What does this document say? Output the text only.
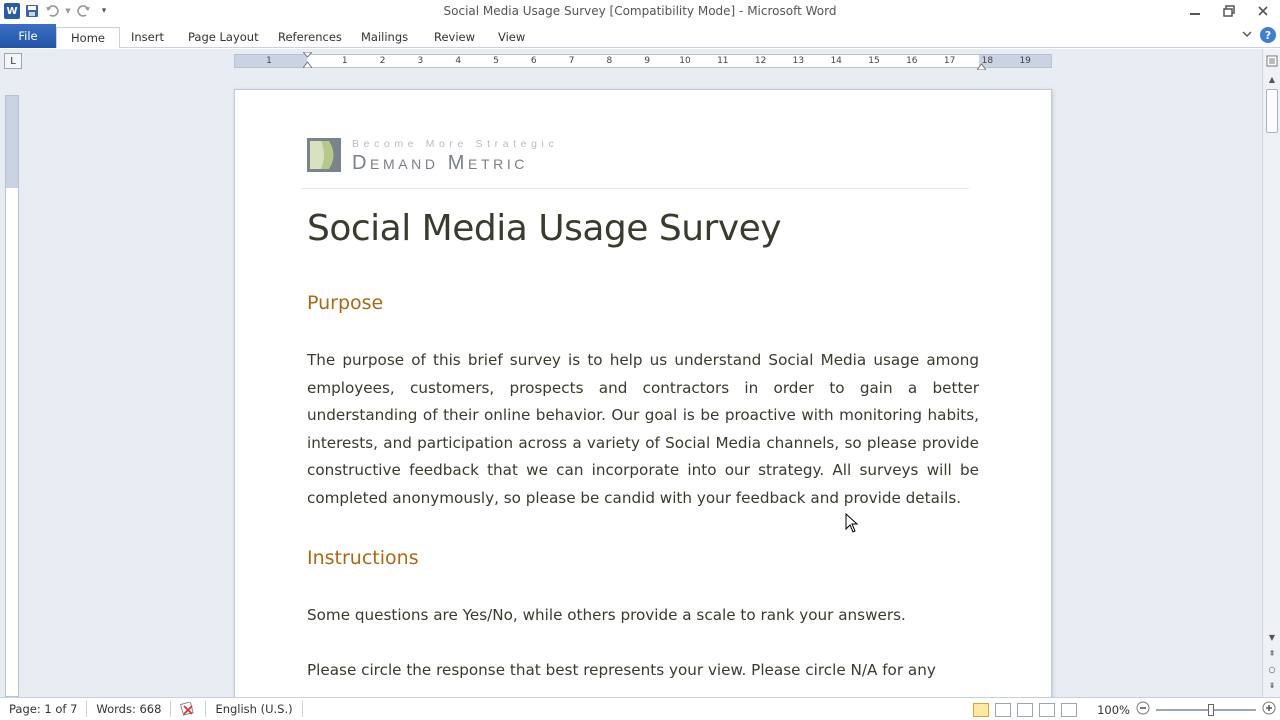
W	▼	▾	Social Media Usage Survey [Compatibility Mode] - Microsoft Word
File	Home	Insert Page Layout References Mailings Review View	?
L	1	1	2	3	4	5	6	7	8	9	10	11	12	13	14	15	16	17	18	19
Become More Strategic
Demand Metric
Social Media Usage Survey
Purpose
The purpose of this brief survey is to help us understand Social Media usage among employees, customers, prospects and contractors in order to gain a better understanding of their online behavior. Our goal is be proactive with monitoring habits, interests, and participation across a variety of Social Media channels, so please provide constructive feedback that we can incorporate into our strategy. All surveys will be completed anonymously, so please be candid with your feedback and provide details.
Instructions
Some questions are Yes/No, while others provide a scale to rank your answers.
Please circle the response that best represents your view. Please circle N/A for any
▲
▼
⇞
○
⇟
Page: 1 of 7	Words: 668	English (U.S.)	100%
